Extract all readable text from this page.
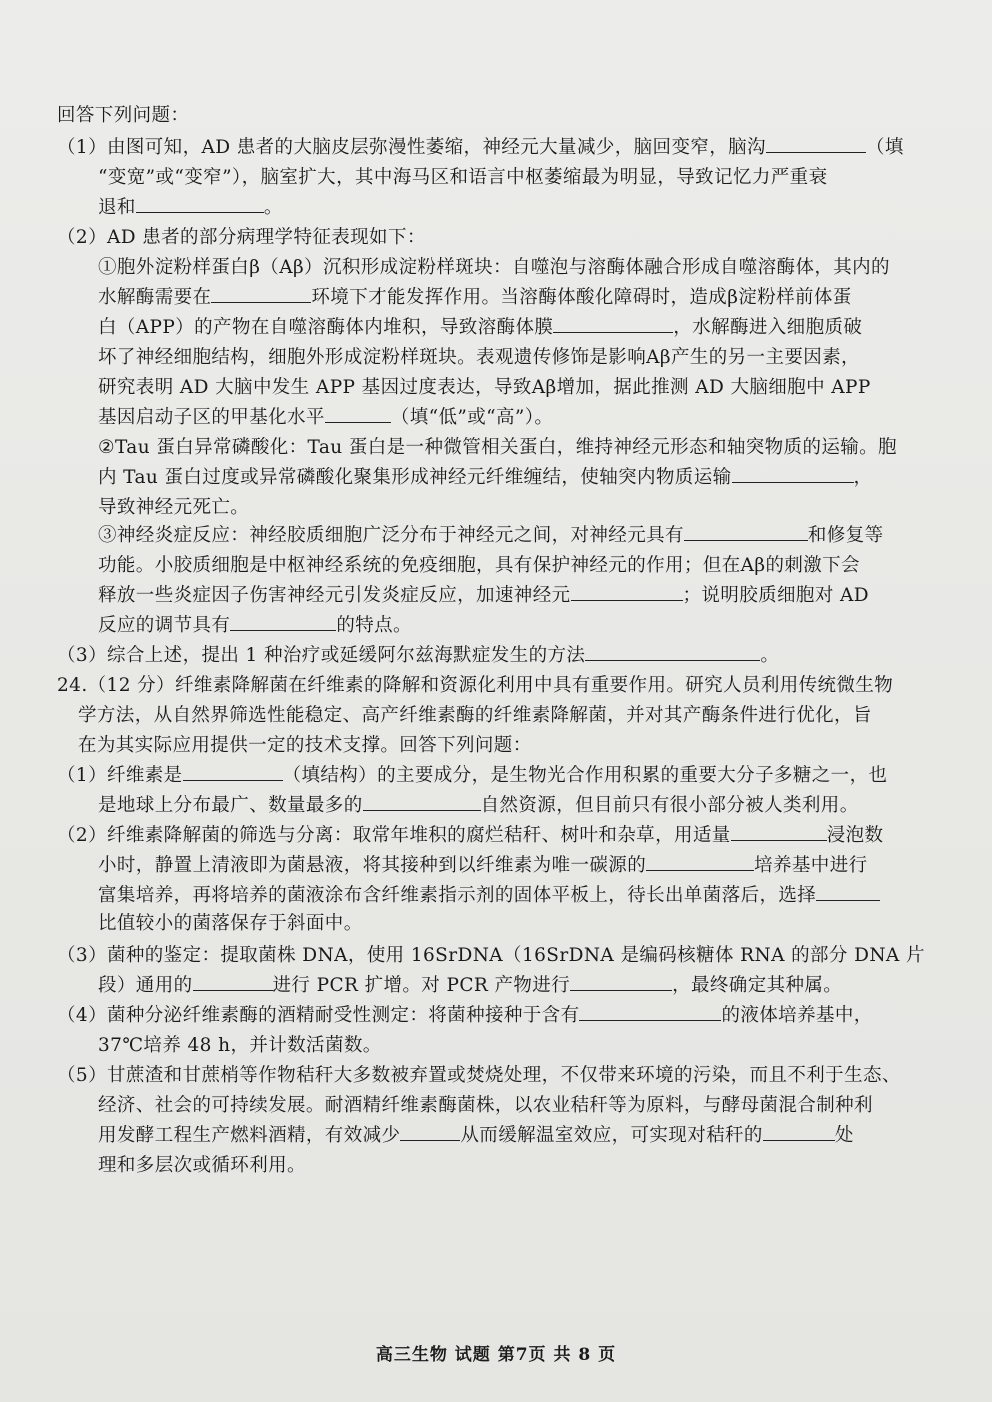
回答下列问题：
（1）由图可知，AD 患者的大脑皮层弥漫性萎缩，神经元大量减少，脑回变窄，脑沟	（填
“变宽”或“变窄”），脑室扩大，其中海马区和语言中枢萎缩最为明显，导致记忆力严重衰
退和	。
（2）AD 患者的部分病理学特征表现如下：
①胞外淀粉样蛋白β（Aβ）沉积形成淀粉样斑块：自噬泡与溶酶体融合形成自噬溶酶体，其内的
水解酶需要在	环境下才能发挥作用。当溶酶体酸化障碍时，造成β淀粉样前体蛋
白（APP）的产物在自噬溶酶体内堆积，导致溶酶体膜	，水解酶进入细胞质破
坏了神经细胞结构，细胞外形成淀粉样斑块。表观遗传修饰是影响Aβ产生的另一主要因素，
研究表明 AD 大脑中发生 APP 基因过度表达，导致Aβ增加，据此推测 AD 大脑细胞中 APP
基因启动子区的甲基化水平	（填“低”或“高”）。
②Tau 蛋白异常磷酸化：Tau 蛋白是一种微管相关蛋白，维持神经元形态和轴突物质的运输。胞
内 Tau 蛋白过度或异常磷酸化聚集形成神经元纤维缠结，使轴突内物质运输	，
导致神经元死亡。
③神经炎症反应：神经胶质细胞广泛分布于神经元之间，对神经元具有	和修复等
功能。小胶质细胞是中枢神经系统的免疫细胞，具有保护神经元的作用；但在Aβ的刺激下会
释放一些炎症因子伤害神经元引发炎症反应，加速神经元	；说明胶质细胞对 AD
反应的调节具有	的特点。
（3）综合上述，提出 1 种治疗或延缓阿尔兹海默症发生的方法	。
24.（12 分）纤维素降解菌在纤维素的降解和资源化利用中具有重要作用。研究人员利用传统微生物
学方法，从自然界筛选性能稳定、高产纤维素酶的纤维素降解菌，并对其产酶条件进行优化，旨
在为其实际应用提供一定的技术支撑。回答下列问题：
（1）纤维素是	（填结构）的主要成分，是生物光合作用积累的重要大分子多糖之一，也
是地球上分布最广、数量最多的	自然资源，但目前只有很小部分被人类利用。
（2）纤维素降解菌的筛选与分离：取常年堆积的腐烂秸秆、树叶和杂草，用适量	浸泡数
小时，静置上清液即为菌悬液，将其接种到以纤维素为唯一碳源的	培养基中进行
富集培养，再将培养的菌液涂布含纤维素指示剂的固体平板上，待长出单菌落后，选择
比值较小的菌落保存于斜面中。
（3）菌种的鉴定：提取菌株 DNA，使用 16SrDNA（16SrDNA 是编码核糖体 RNA 的部分 DNA 片
段）通用的	进行 PCR 扩增。对 PCR 产物进行	，最终确定其种属。
（4）菌种分泌纤维素酶的酒精耐受性测定：将菌种接种于含有	的液体培养基中，
37℃培养 48 h，并计数活菌数。
（5）甘蔗渣和甘蔗梢等作物秸秆大多数被弃置或焚烧处理，不仅带来环境的污染，而且不利于生态、
经济、社会的可持续发展。耐酒精纤维素酶菌株，以农业秸秆等为原料，与酵母菌混合制种利
用发酵工程生产燃料酒精，有效减少	从而缓解温室效应，可实现对秸秆的	处
理和多层次或循环利用。
高三生物 试题 第7页 共 8 页
